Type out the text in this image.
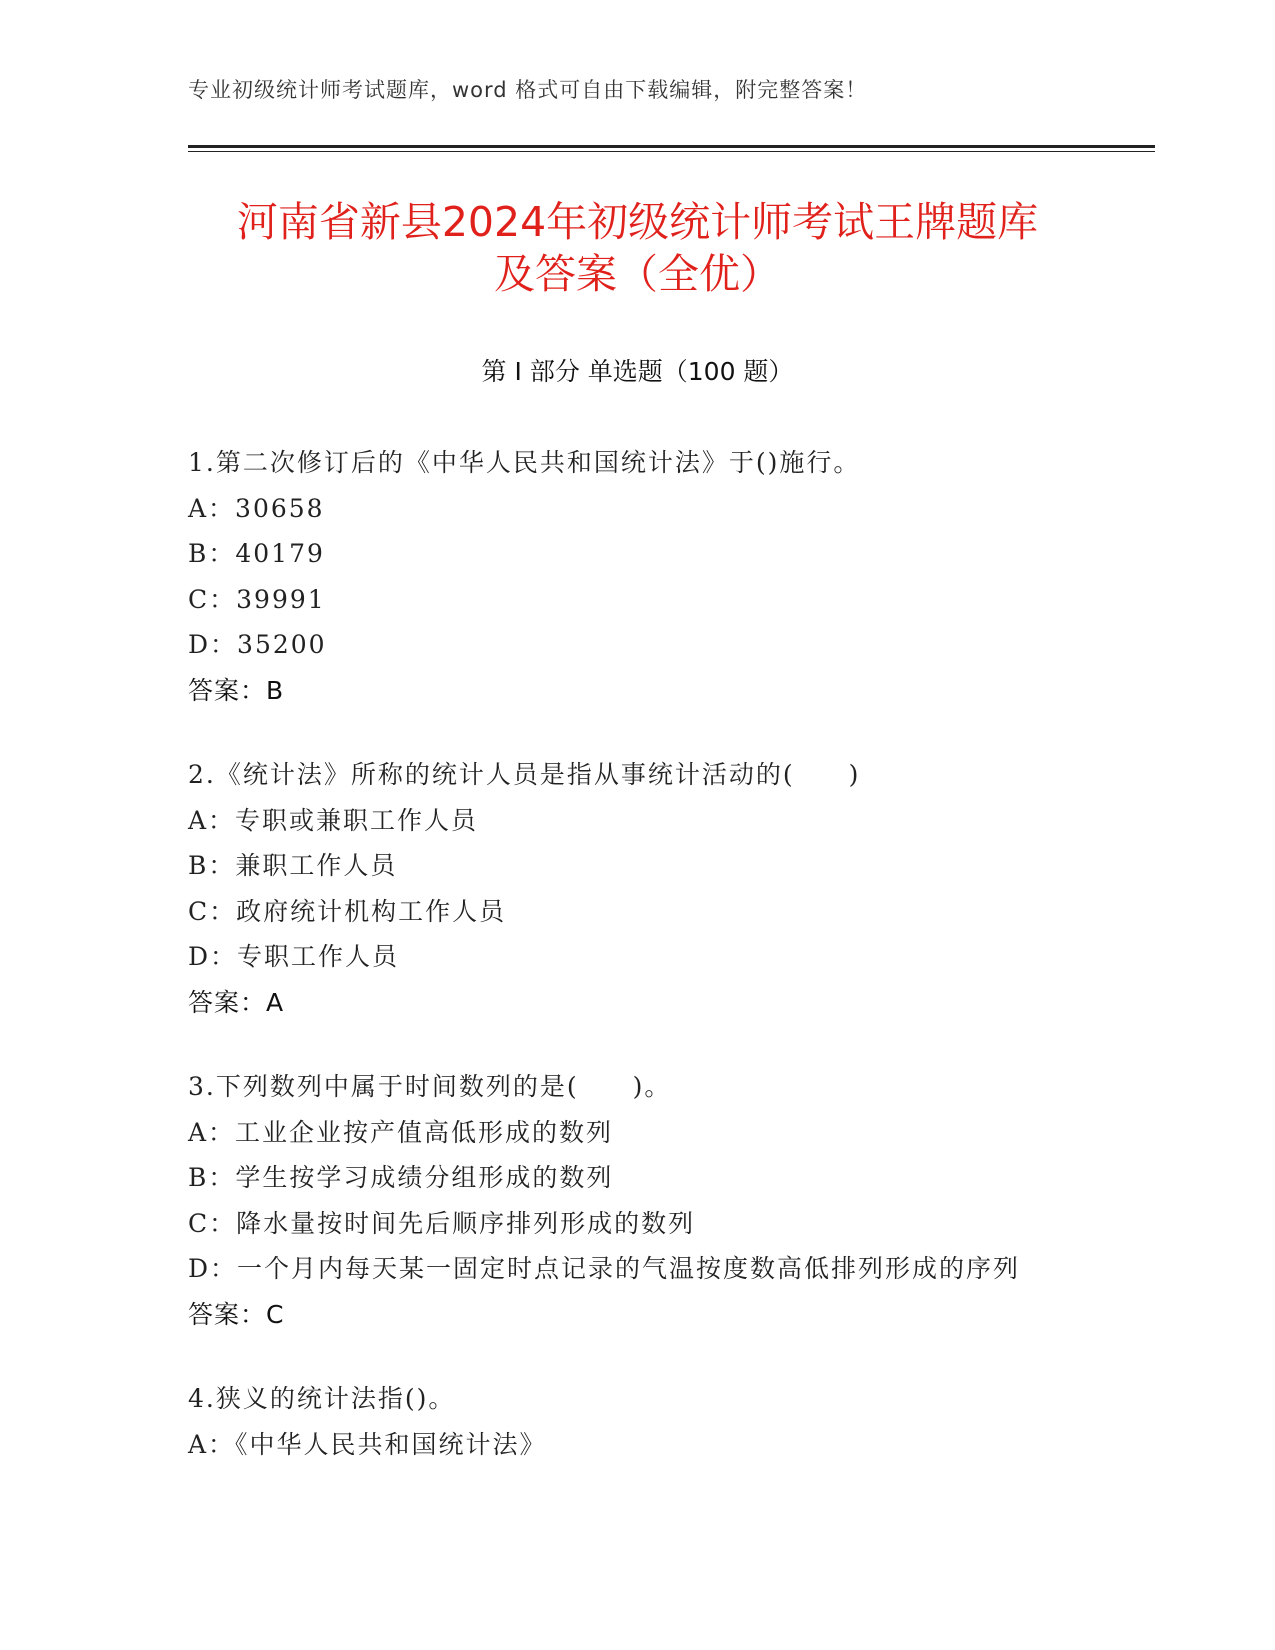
专业初级统计师考试题库，word 格式可自由下载编辑，附完整答案！
河南省新县2024年初级统计师考试王牌题库
及答案（全优）
第 I 部分 单选题（100 题）
1.第二次修订后的《中华人民共和国统计法》于()施行。
A：30658
B：40179
C：39991
D：35200
答案：B
2.《统计法》所称的统计人员是指从事统计活动的(　　)
A：专职或兼职工作人员
B：兼职工作人员
C：政府统计机构工作人员
D：专职工作人员
答案：A
3.下列数列中属于时间数列的是(　　)。
A：工业企业按产值高低形成的数列
B：学生按学习成绩分组形成的数列
C：降水量按时间先后顺序排列形成的数列
D：一个月内每天某一固定时点记录的气温按度数高低排列形成的序列
答案：C
4.狭义的统计法指()。
A：《中华人民共和国统计法》
